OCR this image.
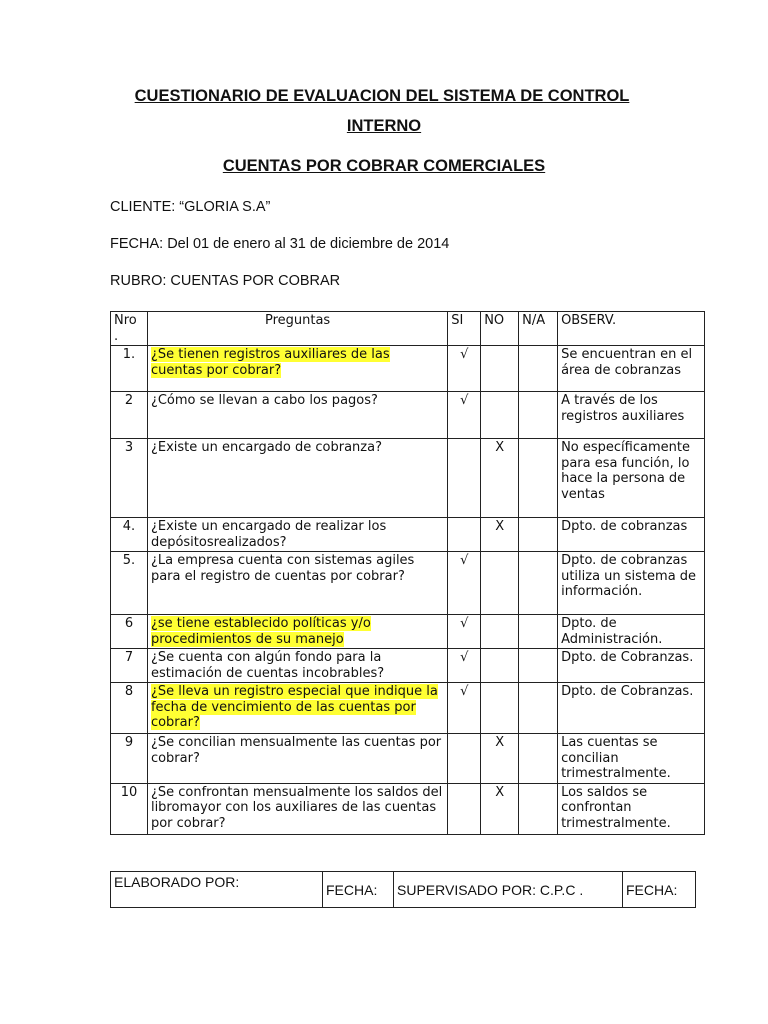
CUESTIONARIO DE EVALUACION DEL SISTEMA DE CONTROL
INTERNO
CUENTAS POR COBRAR COMERCIALES
CLIENTE: “GLORIA S.A”
FECHA: Del 01 de enero al 31 de diciembre de 2014
RUBRO: CUENTAS POR COBRAR
Nro .	Preguntas	SI	NO	N/A	OBSERV.
1.	¿Se tienen registros auxiliares de las cuentas por cobrar?	√			Se encuentran en el área de cobranzas
2	¿Cómo se llevan a cabo los pagos?	√			A través de los registros auxiliares
3	¿Existe un encargado de cobranza?		X		No específicamente para esa función, lo hace la persona de ventas
4.	¿Existe un encargado de realizar los depósitosrealizados?		X		Dpto. de cobranzas
5.	¿La empresa cuenta con sistemas agiles para el registro de cuentas por cobrar?	√			Dpto. de cobranzas utiliza un sistema de información.
6	¿se tiene establecido políticas y/o procedimientos de su manejo	√			Dpto. de Administración.
7	¿Se cuenta con algún fondo para la estimación de cuentas incobrables?	√			Dpto. de Cobranzas.
8	¿Se lleva un registro especial que indique la fecha de vencimiento de las cuentas por cobrar?	√			Dpto. de Cobranzas.
9	¿Se concilian mensualmente las cuentas por cobrar?		X		Las cuentas se concilian trimestralmente.
10	¿Se confrontan mensualmente los saldos del libromayor con los auxiliares de las cuentas por cobrar?		X		Los saldos se confrontan trimestralmente.
ELABORADO POR:	FECHA:	SUPERVISADO POR: C.P.C .	FECHA:
